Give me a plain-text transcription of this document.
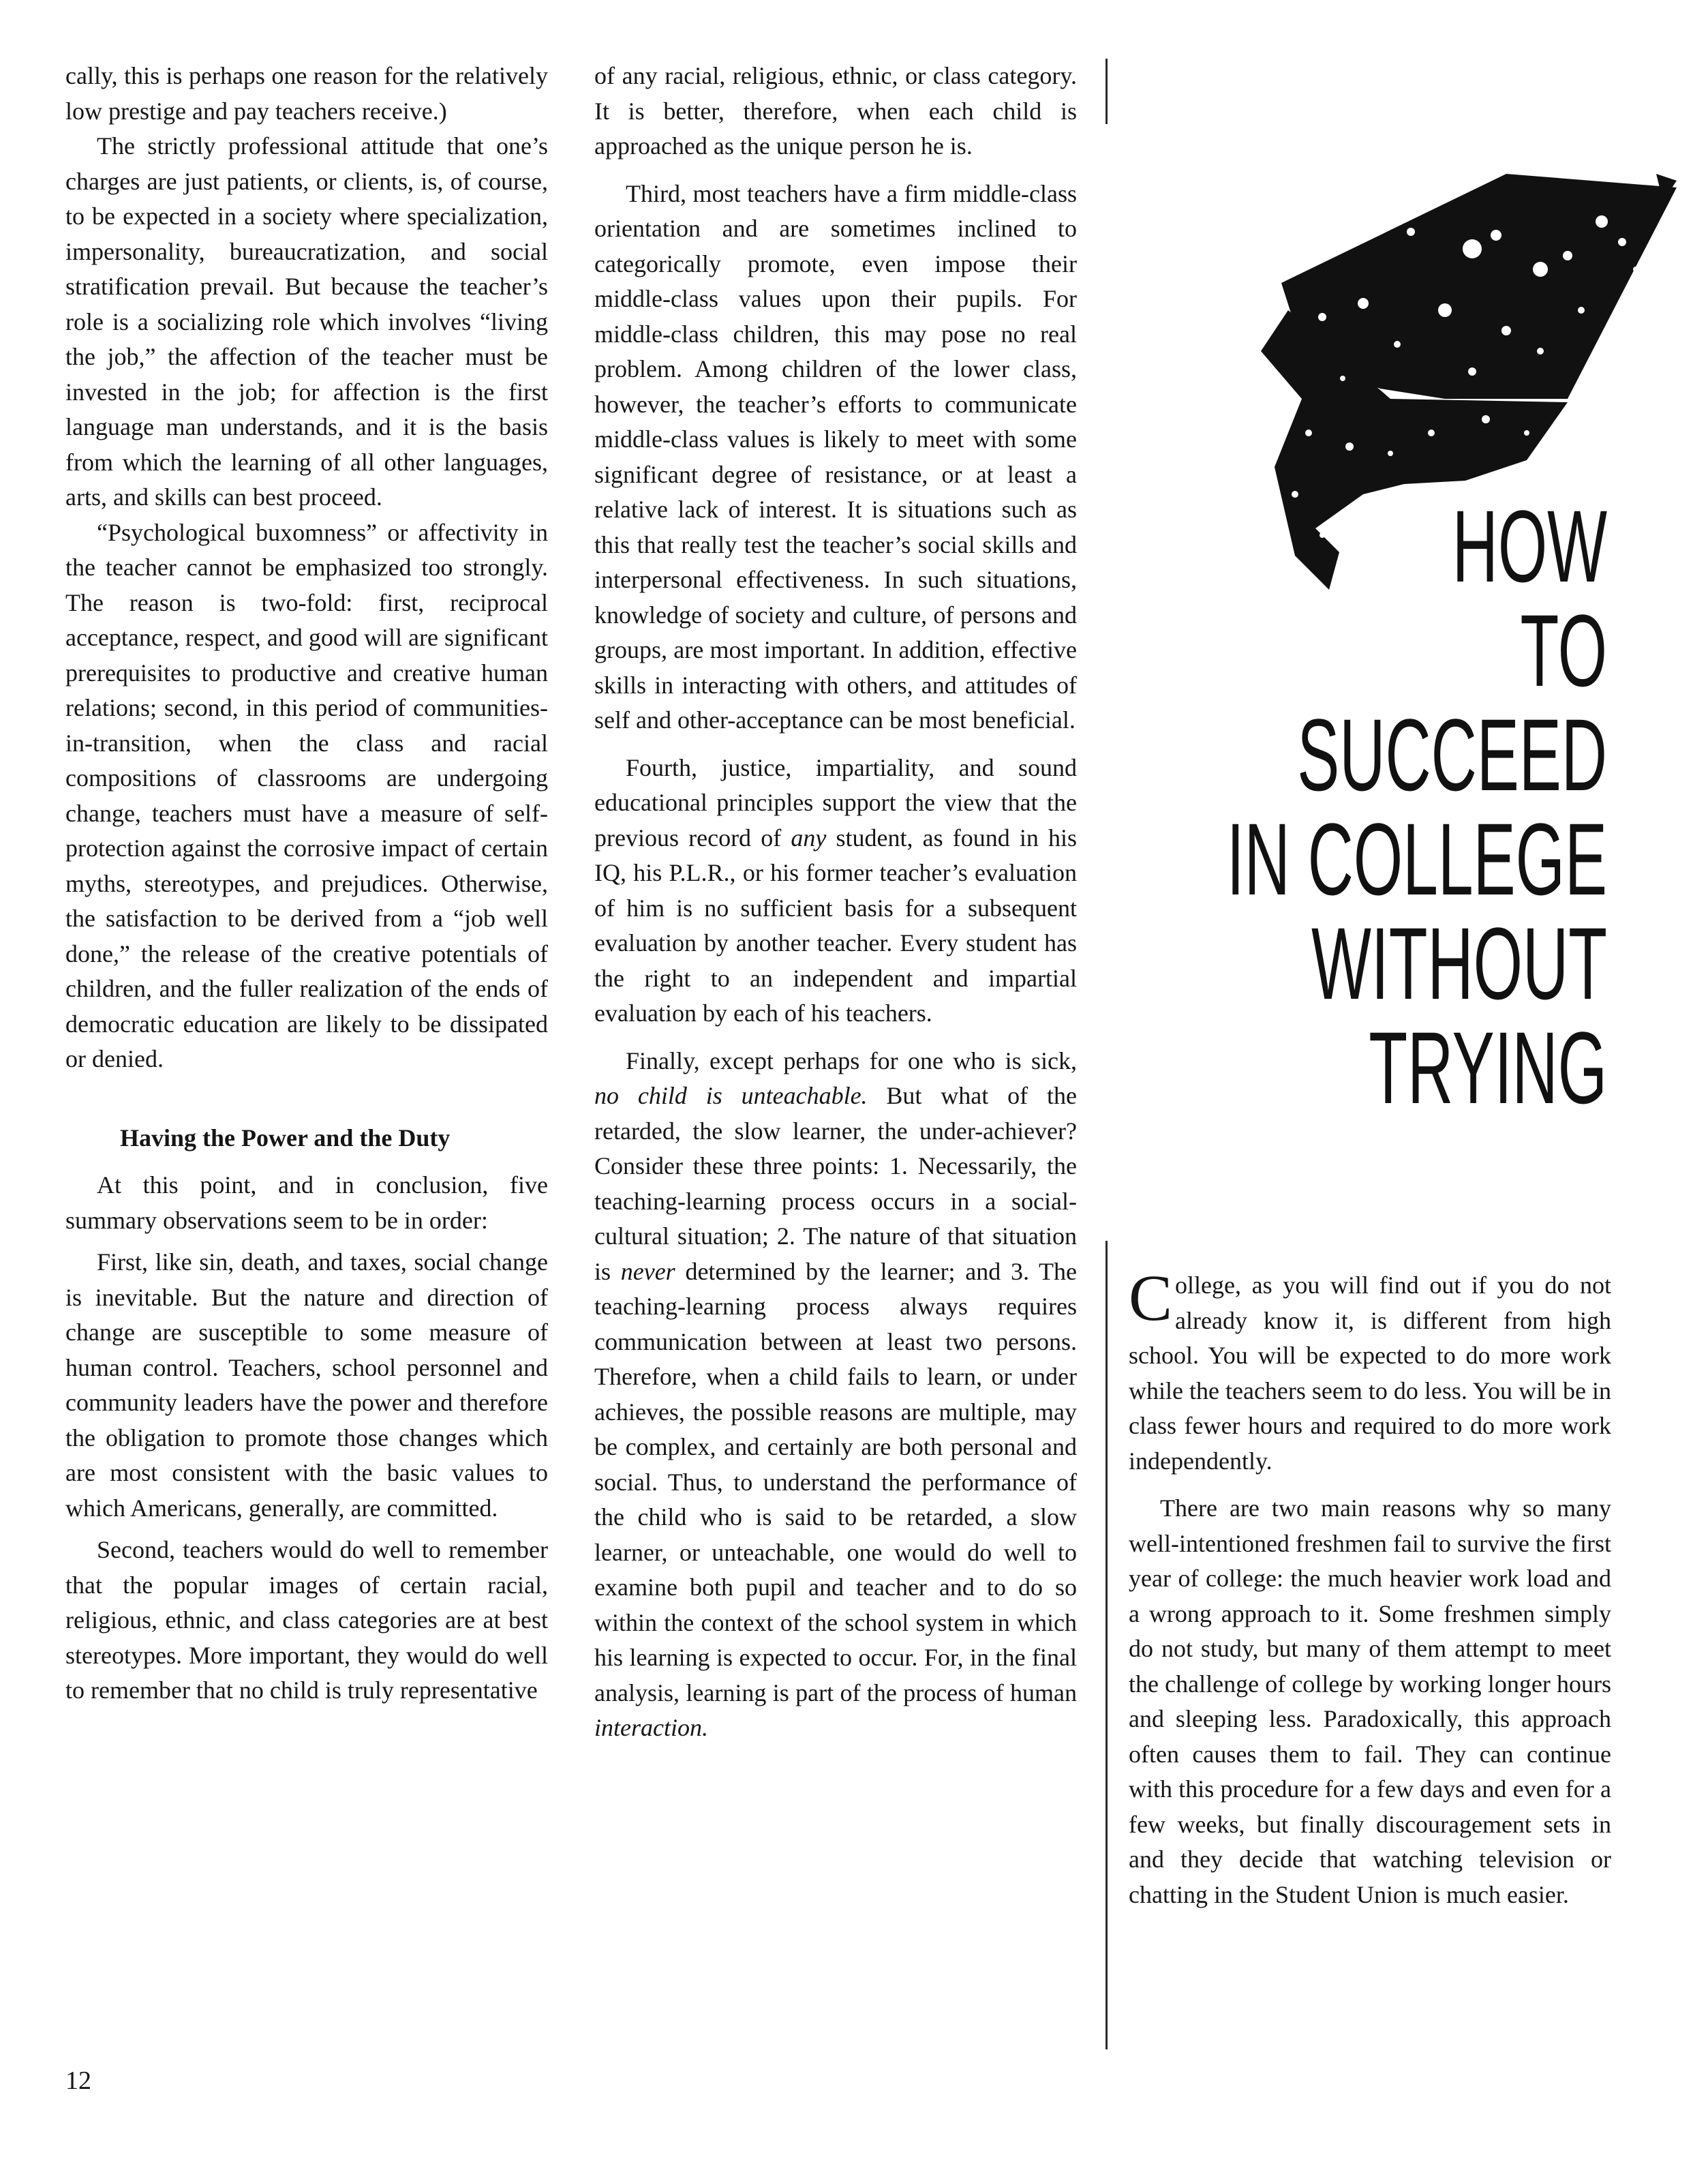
cally, this is perhaps one reason for the relatively low prestige and pay teachers receive.)

The strictly professional attitude that one’s charges are just patients, or clients, is, of course, to be expected in a society where specialization, impersonality, bureaucratization, and social stratification prevail. But because the teacher’s role is a socializing role which involves “living the job,” the affection of the teacher must be invested in the job; for affection is the first language man understands, and it is the basis from which the learning of all other languages, arts, and skills can best proceed.

“Psychological buxomness” or affectivity in the teacher cannot be emphasized too strongly. The reason is two-fold: first, reciprocal acceptance, respect, and good will are significant prerequisites to productive and creative human relations; second, in this period of communities-in-transition, when the class and racial compositions of classrooms are undergoing change, teachers must have a measure of self-protection against the corrosive impact of certain myths, stereotypes, and prejudices. Otherwise, the satisfaction to be derived from a “job well done,” the release of the creative potentials of children, and the fuller realization of the ends of democratic education are likely to be dissipated or denied.

Having the Power and the Duty

At this point, and in conclusion, five summary observations seem to be in order:

First, like sin, death, and taxes, social change is inevitable. But the nature and direction of change are susceptible to some measure of human control. Teachers, school personnel and community leaders have the power and therefore the obligation to promote those changes which are most consistent with the basic values to which Americans, generally, are committed.

Second, teachers would do well to remember that the popular images of certain racial, religious, ethnic, and class categories are at best stereotypes. More important, they would do well to remember that no child is truly representative

of any racial, religious, ethnic, or class category. It is better, therefore, when each child is approached as the unique person he is.

Third, most teachers have a firm middle-class orientation and are sometimes inclined to categorically promote, even impose their middle-class values upon their pupils. For middle-class children, this may pose no real problem. Among children of the lower class, however, the teacher’s efforts to communicate middle-class values is likely to meet with some significant degree of resistance, or at least a relative lack of interest. It is situations such as this that really test the teacher’s social skills and interpersonal effectiveness. In such situations, knowledge of society and culture, of persons and groups, are most important. In addition, effective skills in interacting with others, and attitudes of self and other-acceptance can be most beneficial.

Fourth, justice, impartiality, and sound educational principles support the view that the previous record of any student, as found in his IQ, his P.L.R., or his former teacher’s evaluation of him is no sufficient basis for a subsequent evaluation by another teacher. Every student has the right to an independent and impartial evaluation by each of his teachers.

Finally, except perhaps for one who is sick, no child is unteachable. But what of the retarded, the slow learner, the under-achiever? Consider these three points: 1. Necessarily, the teaching-learning process occurs in a social-cultural situation; 2. The nature of that situation is never determined by the learner; and 3. The teaching-learning process always requires communication between at least two persons. Therefore, when a child fails to learn, or under achieves, the possible reasons are multiple, may be complex, and certainly are both personal and social. Thus, to understand the performance of the child who is said to be retarded, a slow learner, or unteachable, one would do well to examine both pupil and teacher and to do so within the context of the school system in which his learning is expected to occur. For, in the final analysis, learning is part of the process of human interaction.

HOW
TO
SUCCEED
IN COLLEGE
WITHOUT
TRYING

College, as you will find out if you do not already know it, is different from high school. You will be expected to do more work while the teachers seem to do less. You will be in class fewer hours and required to do more work independently.

There are two main reasons why so many well-intentioned freshmen fail to survive the first year of college: the much heavier work load and a wrong approach to it. Some freshmen simply do not study, but many of them attempt to meet the challenge of college by working longer hours and sleeping less. Paradoxically, this approach often causes them to fail. They can continue with this procedure for a few days and even for a few weeks, but finally discouragement sets in and they decide that watching television or chatting in the Student Union is much easier.

12
